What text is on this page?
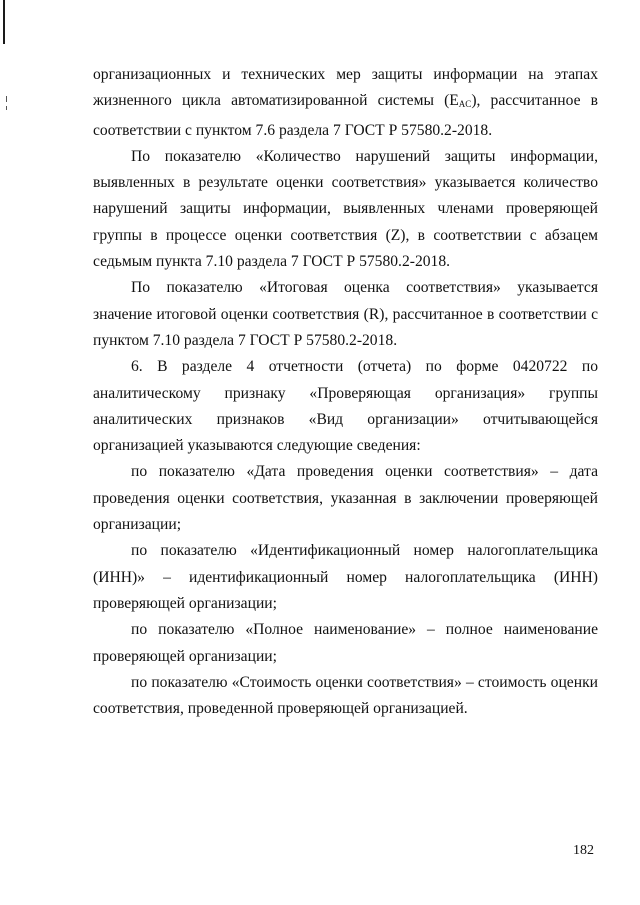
организационных и технических мер защиты информации на этапах жизненного цикла автоматизированной системы $(E_{AC})$, рассчитанное в соответствии с пунктом 7.6 раздела 7 ГОСТ Р 57580.2-2018.

По показателю «Количество нарушений защиты информации, выявленных в результате оценки соответствия» указывается количество нарушений защиты информации, выявленных членами проверяющей группы в процессе оценки соответствия (Z), в соответствии с абзацем седьмым пункта 7.10 раздела 7 ГОСТ Р 57580.2-2018.

По показателю «Итоговая оценка соответствия» указывается значение итоговой оценки соответствия (R), рассчитанное в соответствии с пунктом 7.10 раздела 7 ГОСТ Р 57580.2-2018.

6. В разделе 4 отчетности (отчета) по форме 0420722 по аналитическому признаку «Проверяющая организация» группы аналитических признаков «Вид организации» отчитывающейся организацией указываются следующие сведения:

по показателю «Дата проведения оценки соответствия» – дата проведения оценки соответствия, указанная в заключении проверяющей организации;

по показателю «Идентификационный номер налогоплательщика (ИНН)» – идентификационный номер налогоплательщика (ИНН) проверяющей организации;

по показателю «Полное наименование» – полное наименование проверяющей организации;

по показателю «Стоимость оценки соответствия» – стоимость оценки соответствия, проведенной проверяющей организацией.

182
